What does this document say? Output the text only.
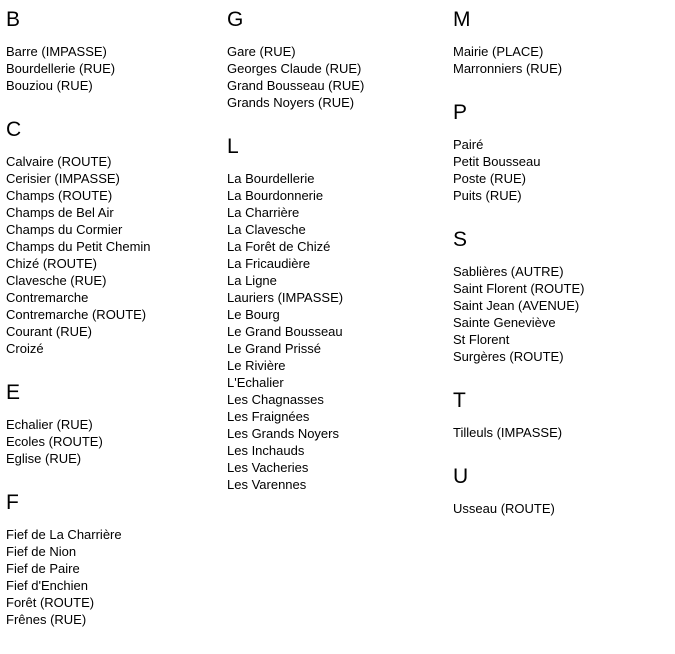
B
Barre (IMPASSE)
Bourdellerie (RUE)
Bouziou (RUE)
C
Calvaire (ROUTE)
Cerisier (IMPASSE)
Champs (ROUTE)
Champs de Bel Air
Champs du Cormier
Champs du Petit Chemin
Chizé (ROUTE)
Clavesche (RUE)
Contremarche
Contremarche (ROUTE)
Courant (RUE)
Croizé
E
Echalier (RUE)
Ecoles (ROUTE)
Eglise (RUE)
F
Fief de La Charrière
Fief de Nion
Fief de Paire
Fief d'Enchien
Forêt (ROUTE)
Frênes (RUE)
G
Gare (RUE)
Georges Claude (RUE)
Grand Bousseau (RUE)
Grands Noyers (RUE)
L
La Bourdellerie
La Bourdonnerie
La Charrière
La Clavesche
La Forêt de Chizé
La Fricaudière
La Ligne
Lauriers (IMPASSE)
Le Bourg
Le Grand Bousseau
Le Grand Prissé
Le Rivière
L'Echalier
Les Chagnasses
Les Fraignées
Les Grands Noyers
Les Inchauds
Les Vacheries
Les Varennes
M
Mairie (PLACE)
Marronniers (RUE)
P
Pairé
Petit Bousseau
Poste (RUE)
Puits (RUE)
S
Sablières (AUTRE)
Saint Florent (ROUTE)
Saint Jean (AVENUE)
Sainte Geneviève
St Florent
Surgères (ROUTE)
T
Tilleuls (IMPASSE)
U
Usseau (ROUTE)
